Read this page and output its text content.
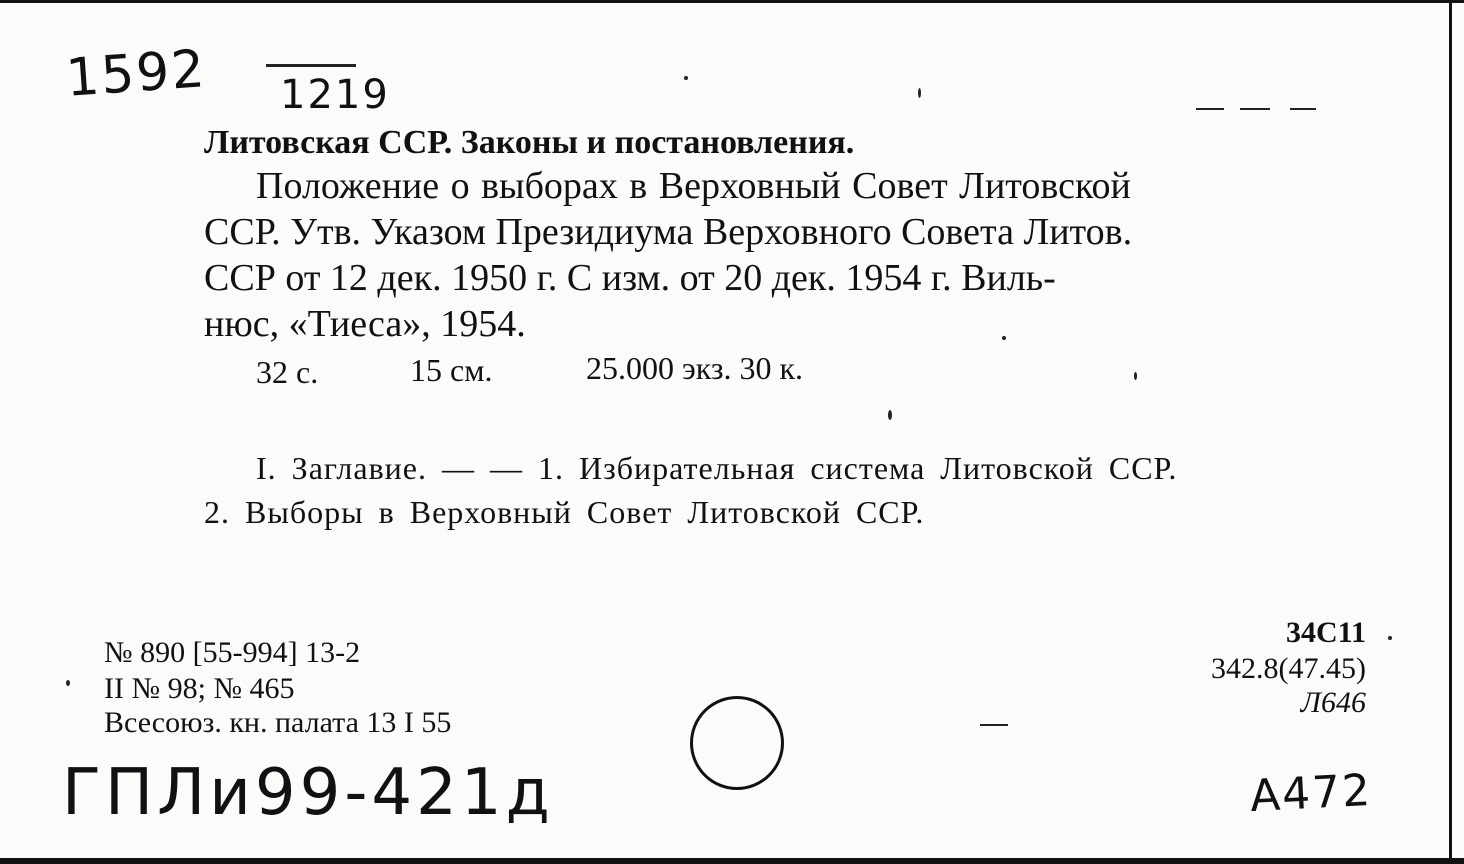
1592 1219
Литовская ССР. Законы и постановления.
Положение о выборах в Верховный Совет Литовской
ССР. Утв. Указом Президиума Верховного Совета Литов.
ССР от 12 дек. 1950 г. С изм. от 20 дек. 1954 г. Виль-
нюс, «Тиеса», 1954.
32 с.	15 см.	25.000 экз. 30 к.
I. Заглавие. — — 1. Избирательная система Литовской ССР.
2. Выборы в Верховный Совет Литовской ССР.
№ 890 [55-994] 13-2
II № 98; № 465
Всесоюз. кн. палата 13 I 55
34С11
342.8(47.45)
Л646
ГПЛи99-421д	А472
